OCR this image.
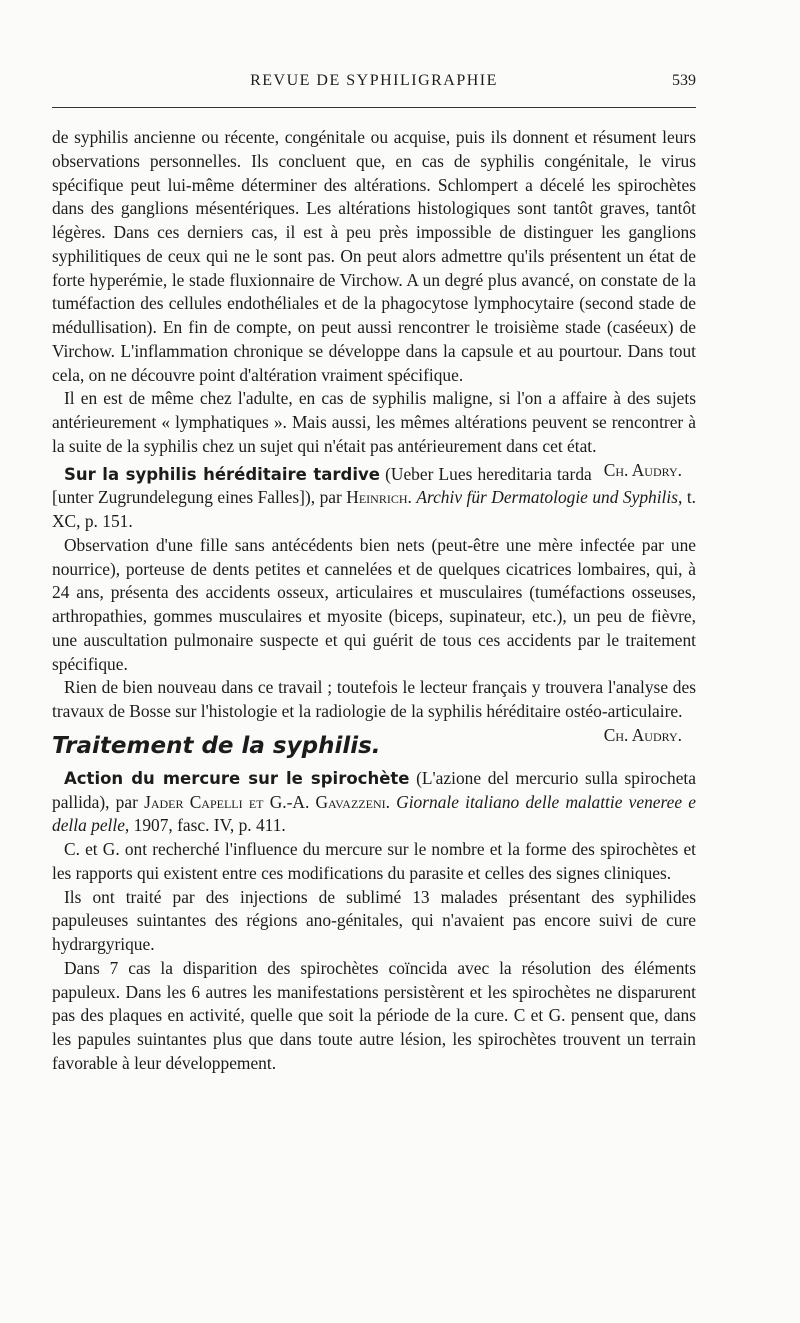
REVUE DE SYPHILIGRAPHIE	539

de syphilis ancienne ou récente, congénitale ou acquise, puis ils donnent et résument leurs observations personnelles. Ils concluent que, en cas de syphilis congénitale, le virus spécifique peut lui-même déterminer des altérations. Schlompert a décelé les spirochètes dans des ganglions mésentériques. Les altérations histologiques sont tantôt graves, tantôt légères. Dans ces derniers cas, il est à peu près impossible de distinguer les ganglions syphilitiques de ceux qui ne le sont pas. On peut alors admettre qu'ils présentent un état de forte hyperémie, le stade fluxionnaire de Virchow. A un degré plus avancé, on constate de la tuméfaction des cellules endothéliales et de la phagocytose lymphocytaire (second stade de médullisation). En fin de compte, on peut aussi rencontrer le troisième stade (caséeux) de Virchow. L'inflammation chronique se développe dans la capsule et au pourtour. Dans tout cela, on ne découvre point d'altération vraiment spécifique.

Il en est de même chez l'adulte, en cas de syphilis maligne, si l'on a affaire à des sujets antérieurement « lymphatiques ». Mais aussi, les mêmes altérations peuvent se rencontrer à la suite de la syphilis chez un sujet qui n'était pas antérieurement dans cet état.
Ch. Audry.

Sur la syphilis héréditaire tardive (Ueber Lues hereditaria tarda [unter Zugrundelegung eines Falles]), par Heinrich. Archiv für Dermatologie und Syphilis, t. XC, p. 151.

Observation d'une fille sans antécédents bien nets (peut-être une mère infectée par une nourrice), porteuse de dents petites et cannelées et de quelques cicatrices lombaires, qui, à 24 ans, présenta des accidents osseux, articulaires et musculaires (tuméfactions osseuses, arthropathies, gommes musculaires et myosite (biceps, supinateur, etc.), un peu de fièvre, une auscultation pulmonaire suspecte et qui guérit de tous ces accidents par le traitement spécifique.

Rien de bien nouveau dans ce travail ; toutefois le lecteur français y trouvera l'analyse des travaux de Bosse sur l'histologie et la radiologie de la syphilis héréditaire ostéo-articulaire.
Ch. Audry.

Traitement de la syphilis.

Action du mercure sur le spirochète (L'azione del mercurio sulla spirocheta pallida), par Jader Capelli et G.-A. Gavazzeni. Giornale italiano delle malattie veneree e della pelle, 1907, fasc. IV, p. 411.

C. et G. ont recherché l'influence du mercure sur le nombre et la forme des spirochètes et les rapports qui existent entre ces modifications du parasite et celles des signes cliniques.

Ils ont traité par des injections de sublimé 13 malades présentant des syphilides papuleuses suintantes des régions ano-génitales, qui n'avaient pas encore suivi de cure hydrargyrique.

Dans 7 cas la disparition des spirochètes coïncida avec la résolution des éléments papuleux. Dans les 6 autres les manifestations persistèrent et les spirochètes ne disparurent pas des plaques en activité, quelle que soit la période de la cure. C et G. pensent que, dans les papules suintantes plus que dans toute autre lésion, les spirochètes trouvent un terrain favorable à leur développement.
